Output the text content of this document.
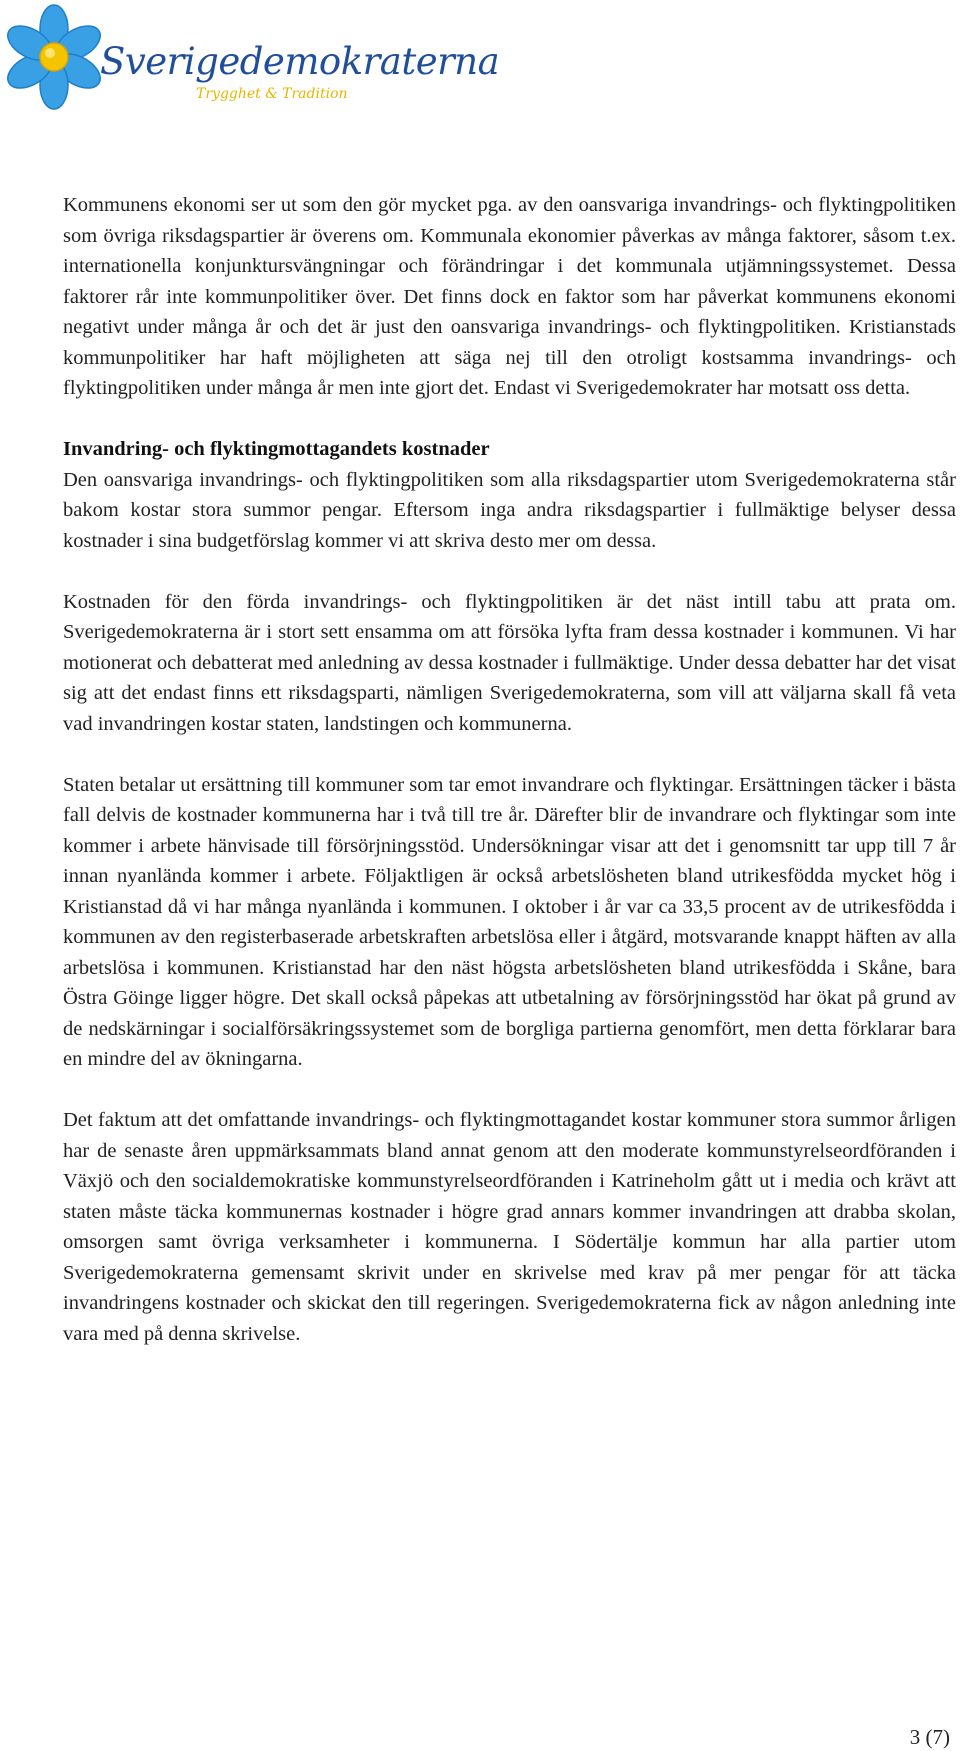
Sverigedemokraterna
Trygghet & Tradition

Kommunens ekonomi ser ut som den gör mycket pga. av den oansvariga invandrings- och flyktingpolitiken som övriga riksdagspartier är överens om. Kommunala ekonomier påverkas av många faktorer, såsom t.ex. internationella konjunktursvängningar och förändringar i det kommunala utjämningssystemet. Dessa faktorer rår inte kommunpolitiker över. Det finns dock en faktor som har påverkat kommunens ekonomi negativt under många år och det är just den oansvariga invandrings- och flyktingpolitiken. Kristianstads kommunpolitiker har haft möjligheten att säga nej till den otroligt kostsamma invandrings- och flyktingpolitiken under många år men inte gjort det. Endast vi Sverigedemokrater har motsatt oss detta.

Invandring- och flyktingmottagandets kostnader

Den oansvariga invandrings- och flyktingpolitiken som alla riksdagspartier utom Sverigedemokraterna står bakom kostar stora summor pengar. Eftersom inga andra riksdagspartier i fullmäktige belyser dessa kostnader i sina budgetförslag kommer vi att skriva desto mer om dessa.

Kostnaden för den förda invandrings- och flyktingpolitiken är det näst intill tabu att prata om. Sverigedemokraterna är i stort sett ensamma om att försöka lyfta fram dessa kostnader i kommunen. Vi har motionerat och debatterat med anledning av dessa kostnader i fullmäktige. Under dessa debatter har det visat sig att det endast finns ett riksdagsparti, nämligen Sverigedemokraterna, som vill att väljarna skall få veta vad invandringen kostar staten, landstingen och kommunerna.

Staten betalar ut ersättning till kommuner som tar emot invandrare och flyktingar. Ersättningen täcker i bästa fall delvis de kostnader kommunerna har i två till tre år. Därefter blir de invandrare och flyktingar som inte kommer i arbete hänvisade till försörjningsstöd. Undersökningar visar att det i genomsnitt tar upp till 7 år innan nyanlända kommer i arbete. Följaktligen är också arbetslösheten bland utrikesfödda mycket hög i Kristianstad då vi har många nyanlända i kommunen. I oktober i år var ca 33,5 procent av de utrikesfödda i kommunen av den registerbaserade arbetskraften arbetslösa eller i åtgärd, motsvarande knappt häften av alla arbetslösa i kommunen. Kristianstad har den näst högsta arbetslösheten bland utrikesfödda i Skåne, bara Östra Göinge ligger högre. Det skall också påpekas att utbetalning av försörjningsstöd har ökat på grund av de nedskärningar i socialförsäkringssystemet som de borgliga partierna genomfört, men detta förklarar bara en mindre del av ökningarna.

Det faktum att det omfattande invandrings- och flyktingmottagandet kostar kommuner stora summor årligen har de senaste åren uppmärksammats bland annat genom att den moderate kommunstyrelseordföranden i Växjö och den socialdemokratiske kommunstyrelseordföranden i Katrineholm gått ut i media och krävt att staten måste täcka kommunernas kostnader i högre grad annars kommer invandringen att drabba skolan, omsorgen samt övriga verksamheter i kommunerna. I Södertälje kommun har alla partier utom Sverigedemokraterna gemensamt skrivit under en skrivelse med krav på mer pengar för att täcka invandringens kostnader och skickat den till regeringen. Sverigedemokraterna fick av någon anledning inte vara med på denna skrivelse.

3 (7)
